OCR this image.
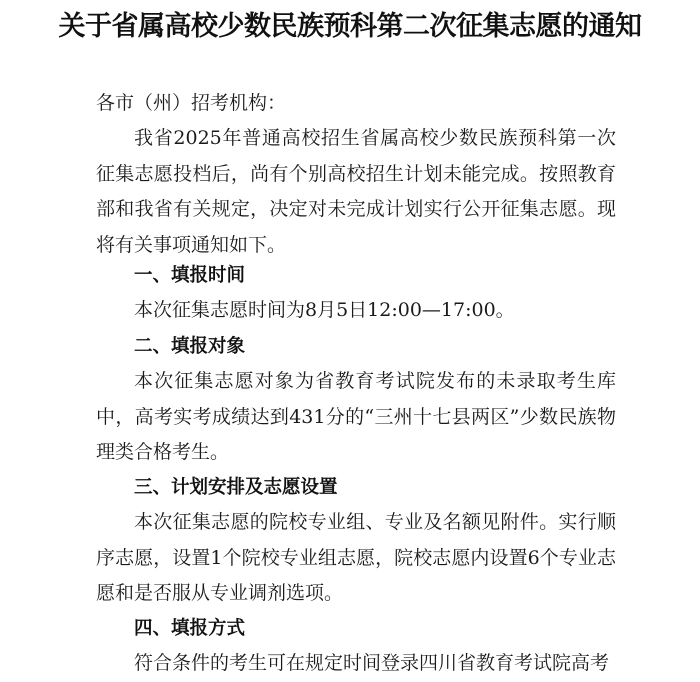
关于省属高校少数民族预科第二次征集志愿的通知
各市（州）招考机构：

我省2025年普通高校招生省属高校少数民族预科第一次征集志愿投档后，尚有个别高校招生计划未能完成。按照教育部和我省有关规定，决定对未完成计划实行公开征集志愿。现将有关事项通知如下。

一、填报时间

本次征集志愿时间为8月5日12:00—17:00。

二、填报对象

本次征集志愿对象为省教育考试院发布的未录取考生库中，高考实考成绩达到431分的“三州十七县两区”少数民族物理类合格考生。

三、计划安排及志愿设置

本次征集志愿的院校专业组、专业及名额见附件。实行顺序志愿，设置1个院校专业组志愿，院校志愿内设置6个专业志愿和是否服从专业调剂选项。

四、填报方式

符合条件的考生可在规定时间登录四川省教育考试院高考
